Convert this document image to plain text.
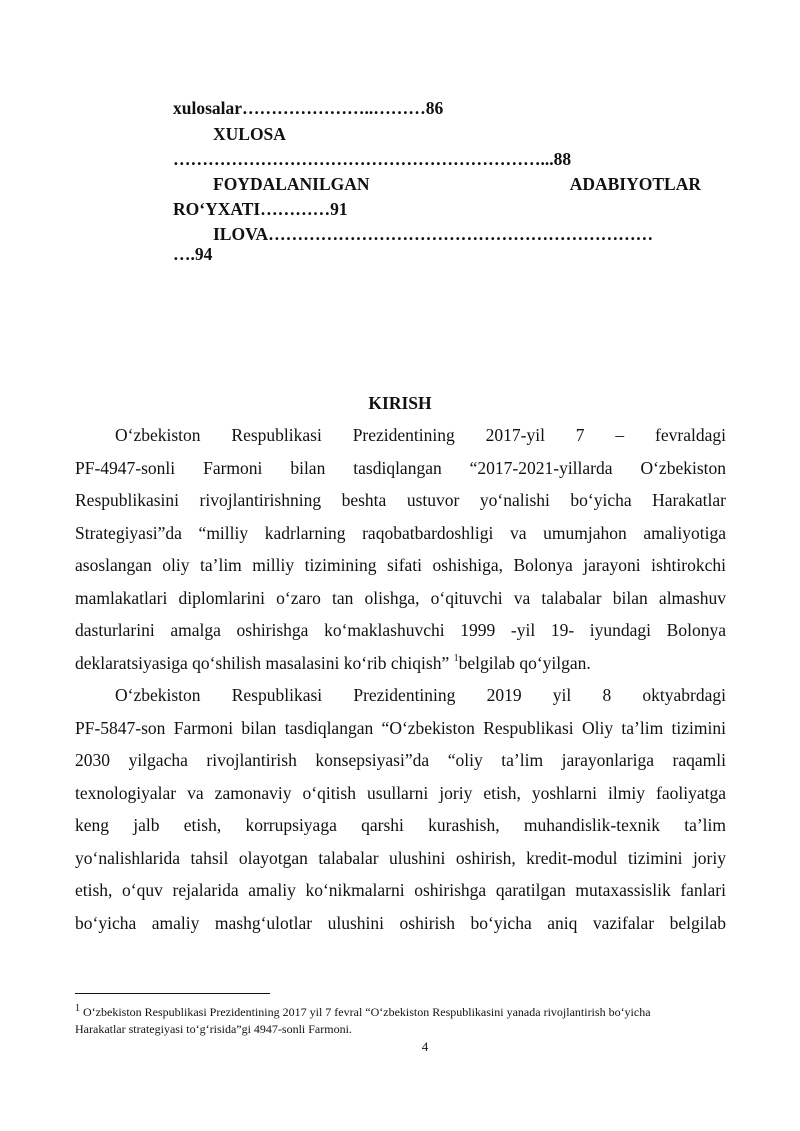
xulosalar…………………..………86
XULOSA
………………………………………………………...88
FOYDALANILGAN	ADABIYOTLAR
RO‘YXATI…………91
ILOVA…………………………………………………………
….94
KIRISH
O‘zbekiston Respublikasi Prezidentining 2017-yil 7 – fevraldagi
PF-4947-sonli Farmoni bilan tasdiqlangan “2017-2021-yillarda O‘zbekiston
Respublikasini rivojlantirishning beshta ustuvor yo‘nalishi bo‘yicha Harakatlar
Strategiyasi”da “milliy kadrlarning raqobatbardoshligi va umumjahon amaliyotiga
asoslangan oliy ta’lim milliy tizimining sifati oshishiga, Bolonya jarayoni ishtirokchi
mamlakatlari diplomlarini o‘zaro tan olishga, o‘qituvchi va talabalar bilan almashuv
dasturlarini amalga oshirishga ko‘maklashuvchi 1999 -yil 19- iyundagi Bolonya
deklaratsiyasiga qo‘shilish masalasini ko‘rib chiqish” $^1$belgilab qo‘yilgan.
O‘zbekiston Respublikasi Prezidentining 2019 yil 8 oktyabrdagi
PF-5847-son Farmoni bilan tasdiqlangan “O‘zbekiston Respublikasi Oliy ta’lim tizimini
2030 yilgacha rivojlantirish konsepsiyasi”da “oliy ta’lim jarayonlariga raqamli
texnologiyalar va zamonaviy o‘qitish usullarni joriy etish, yoshlarni ilmiy faoliyatga
keng jalb etish, korrupsiyaga qarshi kurashish, muhandislik-texnik ta’lim
yo‘nalishlarida tahsil olayotgan talabalar ulushini oshirish, kredit-modul tizimini joriy
etish, o‘quv rejalarida amaliy ko‘nikmalarni oshirishga qaratilgan mutaxassislik fanlari
bo‘yicha amaliy mashg‘ulotlar ulushini oshirish bo‘yicha aniq vazifalar belgilab
$^1$ O‘zbekiston Respublikasi Prezidentining 2017 yil 7 fevral “O‘zbekiston Respublikasini yanada rivojlantirish bo‘yicha
Harakatlar strategiyasi to‘g‘risida”gi 4947-sonli Farmoni.
4
